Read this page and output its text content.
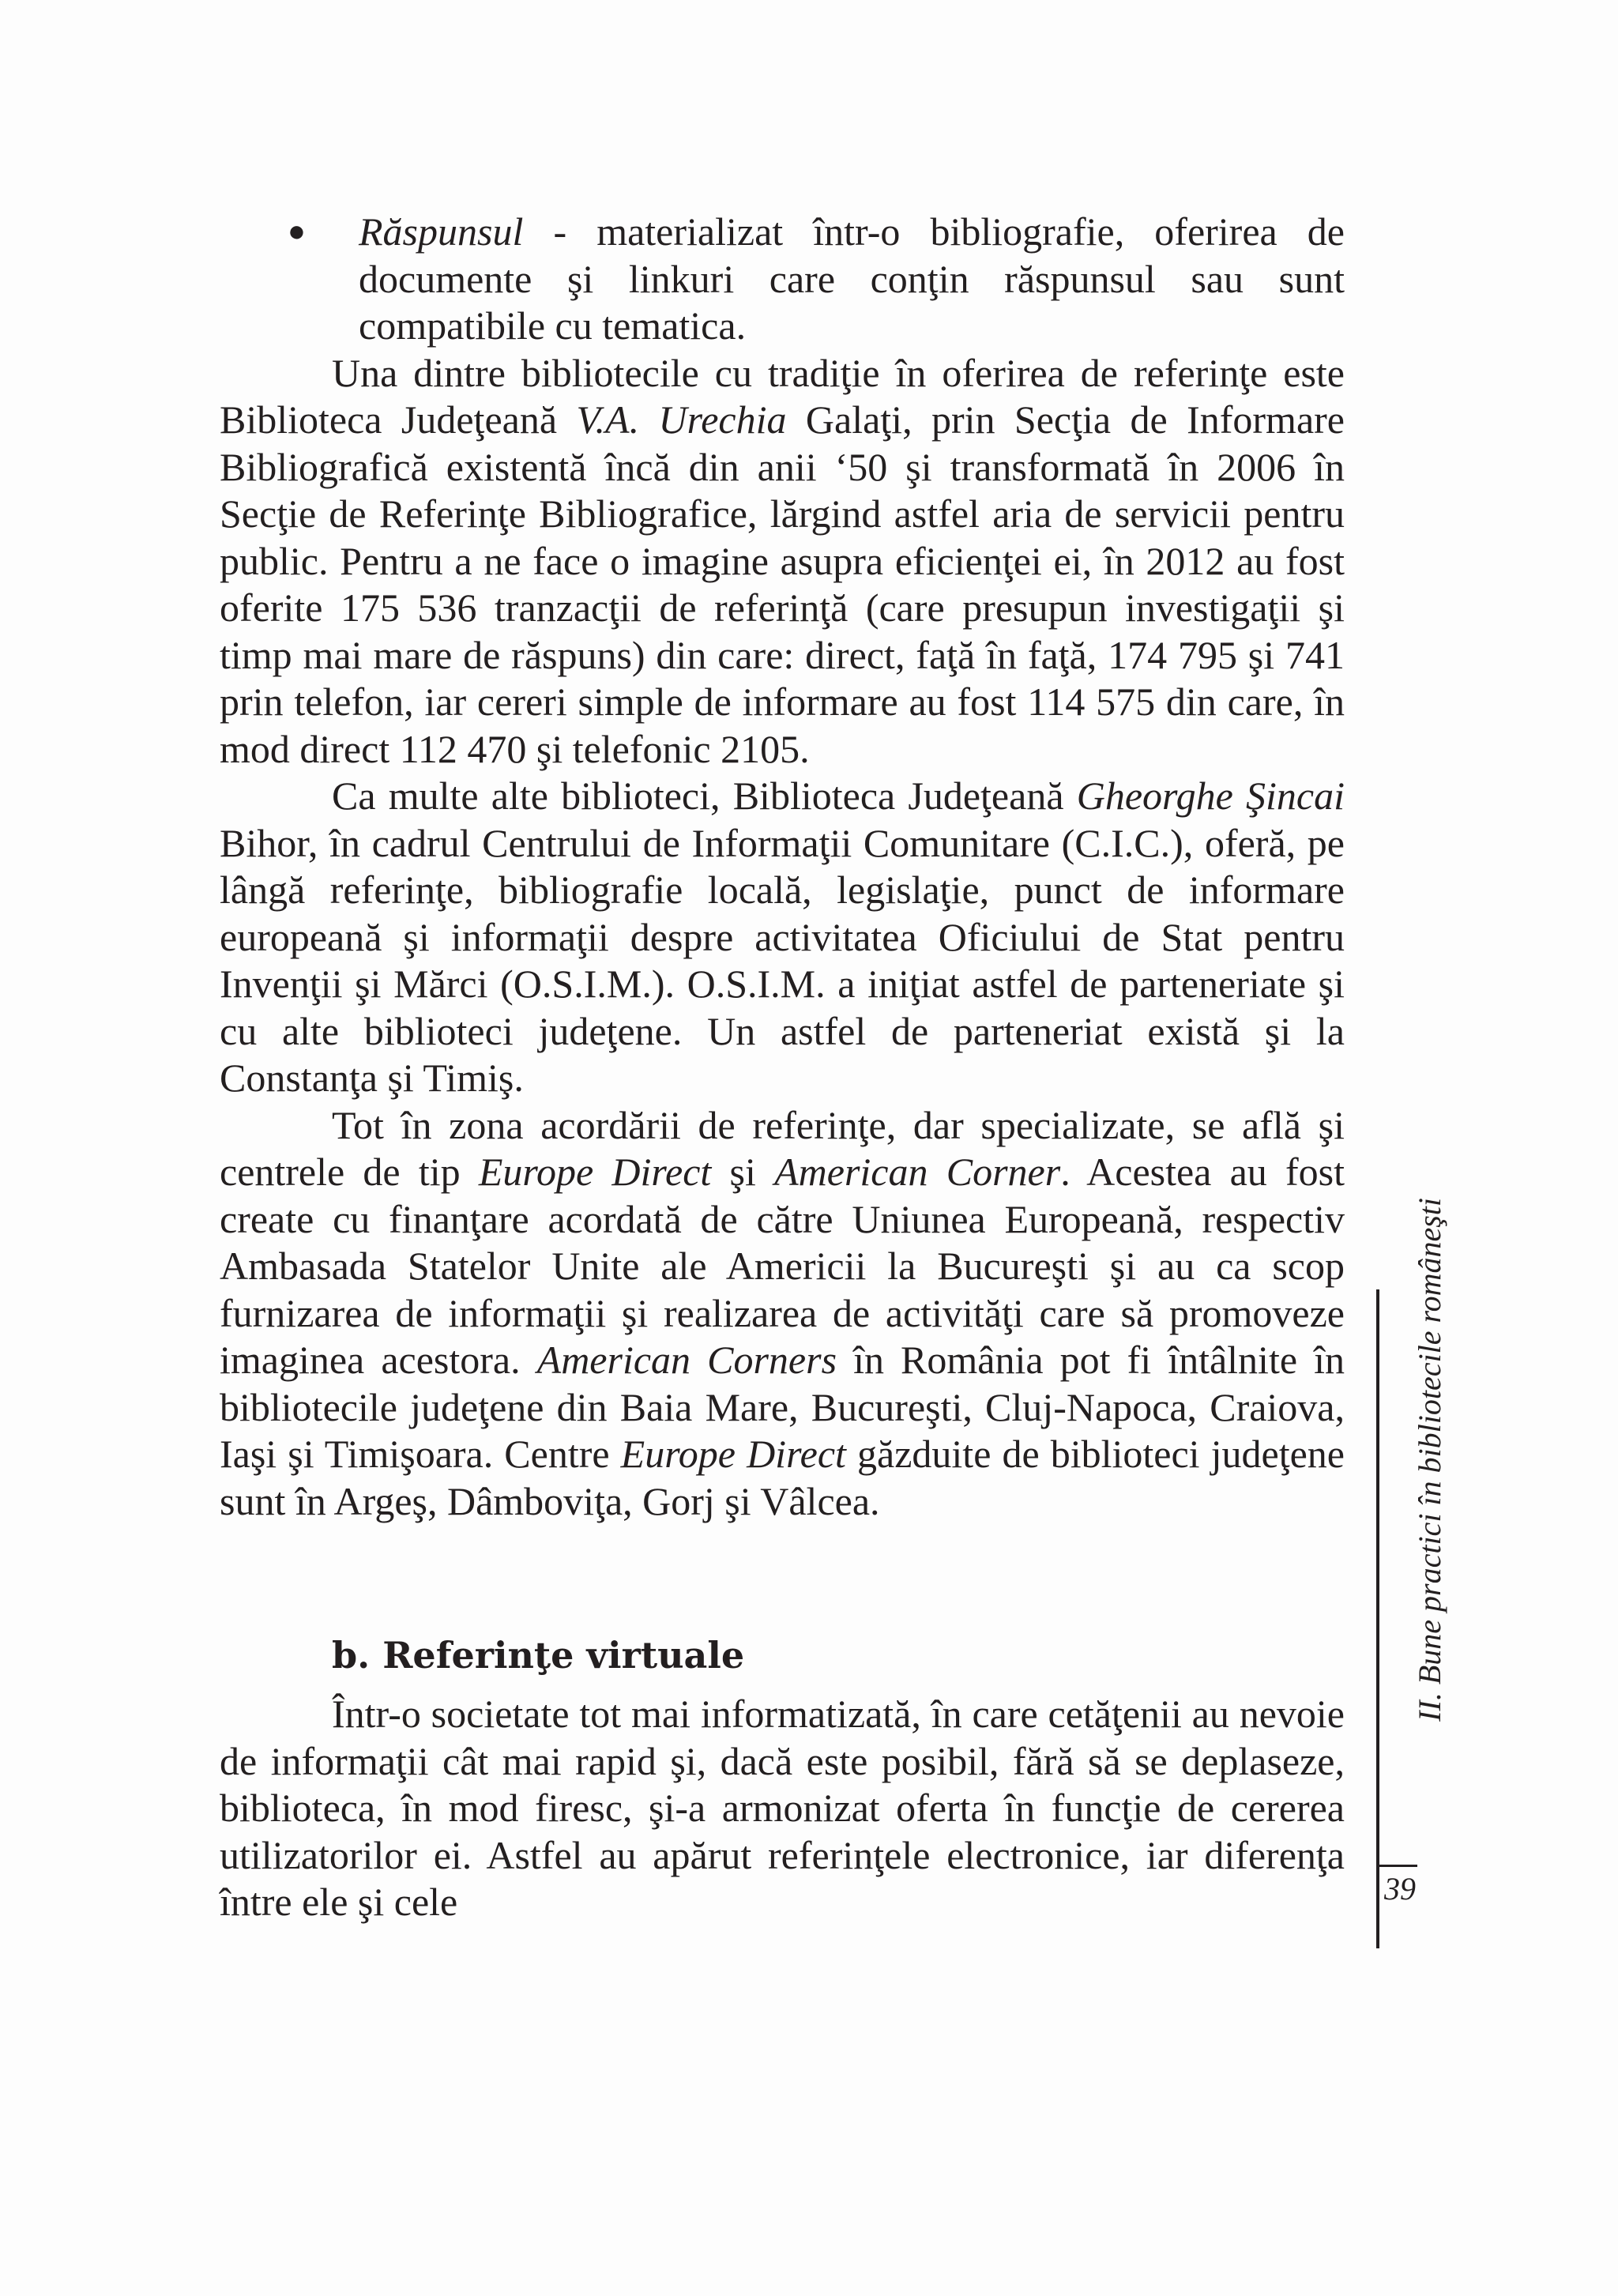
● Răspunsul - materializat într-o bibliografie, oferirea de documente şi linkuri care conţin răspunsul sau sunt compatibile cu tematica.

Una dintre bibliotecile cu tradiţie în oferirea de referinţe este Biblioteca Judeţeană V.A. Urechia Galaţi, prin Secţia de Informare Bibliografică existentă încă din anii ‘50 şi transformată în 2006 în Secţie de Referinţe Bibliografice, lărgind astfel aria de servicii pentru public. Pentru a ne face o imagine asupra eficienţei ei, în 2012 au fost oferite 175 536 tranzacţii de referinţă (care presupun investigaţii şi timp mai mare de răspuns) din care: direct, faţă în faţă, 174 795 şi 741 prin telefon, iar cereri simple de informare au fost 114 575 din care, în mod direct 112 470 şi telefonic 2105.

Ca multe alte biblioteci, Biblioteca Judeţeană Gheorghe Şincai Bihor, în cadrul Centrului de Informaţii Comunitare (C.I.C.), oferă, pe lângă referinţe, bibliografie locală, legislaţie, punct de informare europeană şi informaţii despre activitatea Oficiului de Stat pentru Invenţii şi Mărci (O.S.I.M.). O.S.I.M. a iniţiat astfel de parteneriate şi cu alte biblioteci judeţene. Un astfel de parteneriat există şi la Constanţa şi Timiş.

Tot în zona acordării de referinţe, dar specializate, se află şi centrele de tip Europe Direct şi American Corner. Acestea au fost create cu finanţare acordată de către Uniunea Europeană, respectiv Ambasada Statelor Unite ale Americii la Bucureşti şi au ca scop furnizarea de informaţii şi realizarea de activităţi care să promoveze imaginea acestora. American Corners în România pot fi întâlnite în bibliotecile judeţene din Baia Mare, Bucureşti, Cluj-Napoca, Craiova, Iaşi şi Timişoara. Centre Europe Direct găzduite de biblioteci judeţene sunt în Argeş, Dâmboviţa, Gorj şi Vâlcea.

b. Referinţe virtuale

Într-o societate tot mai informatizată, în care cetăţenii au nevoie de informaţii cât mai rapid şi, dacă este posibil, fără să se deplaseze, biblioteca, în mod firesc, şi-a armonizat oferta în funcţie de cererea utilizatorilor ei. Astfel au apărut referinţele electronice, iar diferenţa între ele şi cele

II. Bune practici în bibliotecile româneşti
39
